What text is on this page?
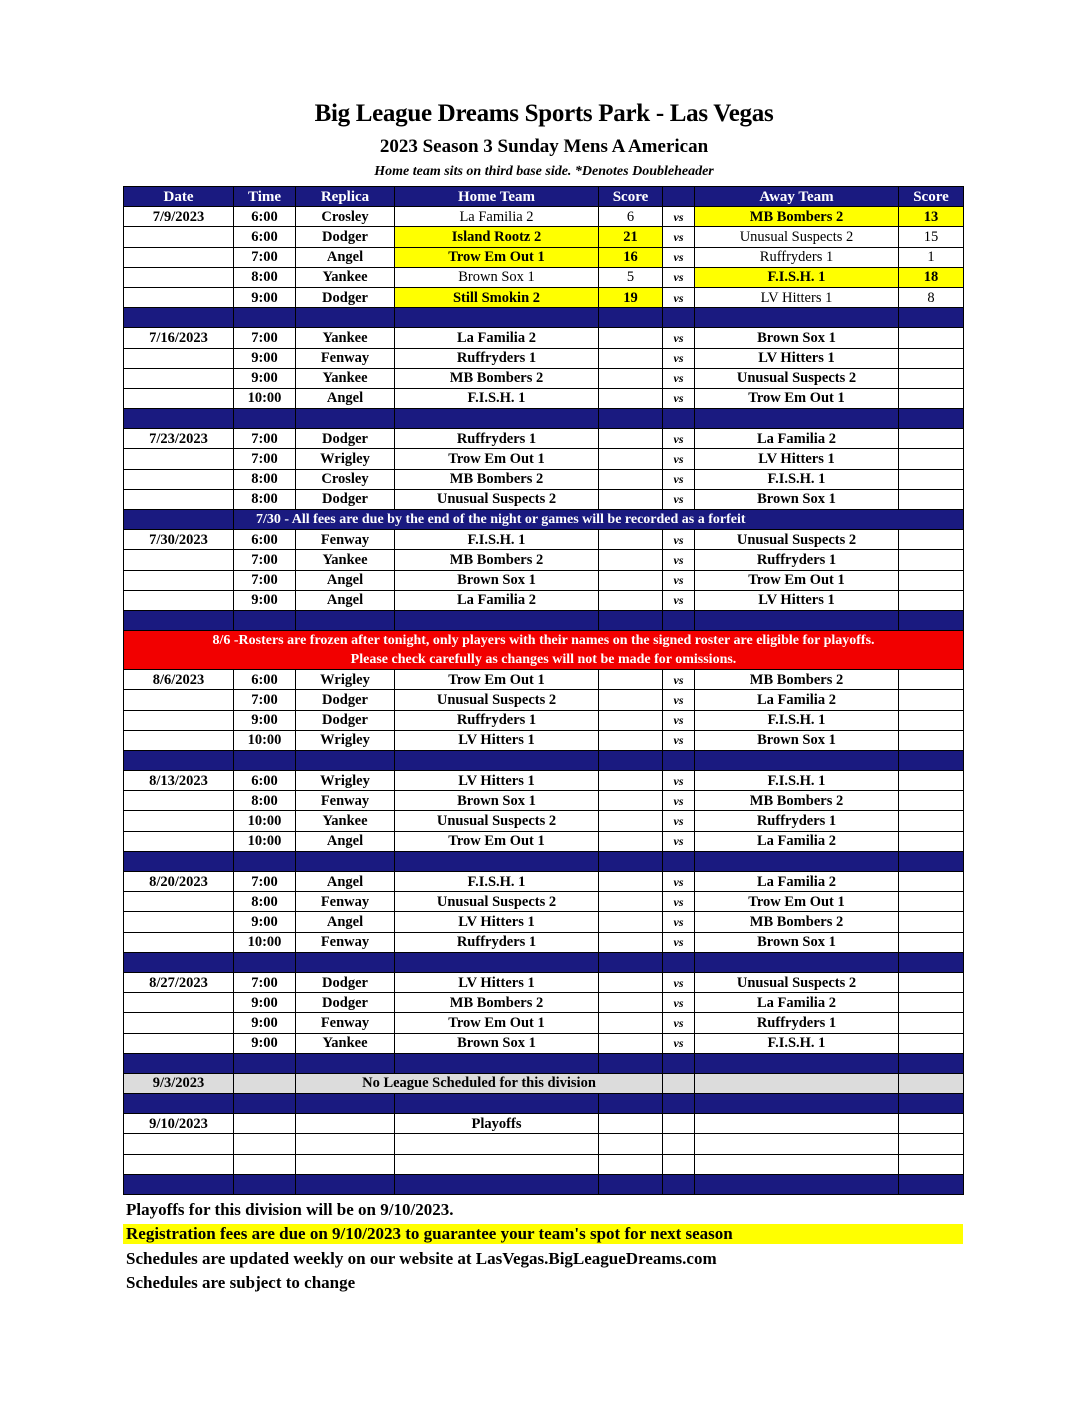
Big League Dreams Sports Park - Las Vegas
2023 Season 3 Sunday Mens A American
Home team sits on third base side. *Denotes Doubleheader
Date	Time	Replica	Home Team	Score		Away Team	Score
7/9/2023	6:00	Crosley	La Familia 2	6	vs	MB Bombers 2	13
	6:00	Dodger	Island Rootz 2	21	vs	Unusual Suspects 2	15
	7:00	Angel	Trow Em Out 1	16	vs	Ruffryders 1	1
	8:00	Yankee	Brown Sox 1	5	vs	F.I.S.H. 1	18
	9:00	Dodger	Still Smokin 2	19	vs	LV Hitters 1	8

7/16/2023	7:00	Yankee	La Familia 2		vs	Brown Sox 1	
	9:00	Fenway	Ruffryders 1		vs	LV Hitters 1	
	9:00	Yankee	MB Bombers 2		vs	Unusual Suspects 2	
	10:00	Angel	F.I.S.H. 1		vs	Trow Em Out 1	

7/23/2023	7:00	Dodger	Ruffryders 1		vs	La Familia 2	
	7:00	Wrigley	Trow Em Out 1		vs	LV Hitters 1	
	8:00	Crosley	MB Bombers 2		vs	F.I.S.H. 1	
	8:00	Dodger	Unusual Suspects 2		vs	Brown Sox 1	
	7/30 - All fees are due by the end of the night or games will be recorded as a forfeit						
7/30/2023	6:00	Fenway	F.I.S.H. 1		vs	Unusual Suspects 2	
	7:00	Yankee	MB Bombers 2		vs	Ruffryders 1	
	7:00	Angel	Brown Sox 1		vs	Trow Em Out 1	
	9:00	Angel	La Familia 2		vs	LV Hitters 1	

8/6 -Rosters are frozen after tonight, only players with their names on the signed roster are eligible for playoffs.
Please check carefully as changes will not be made for omissions.							

8/6/2023	6:00	Wrigley	Trow Em Out 1		vs	MB Bombers 2	
	7:00	Dodger	Unusual Suspects 2		vs	La Familia 2	
	9:00	Dodger	Ruffryders 1		vs	F.I.S.H. 1	
	10:00	Wrigley	LV Hitters 1		vs	Brown Sox 1	

8/13/2023	6:00	Wrigley	LV Hitters 1		vs	F.I.S.H. 1	
	8:00	Fenway	Brown Sox 1		vs	MB Bombers 2	
	10:00	Yankee	Unusual Suspects 2		vs	Ruffryders 1	
	10:00	Angel	Trow Em Out 1		vs	La Familia 2	

8/20/2023	7:00	Angel	F.I.S.H. 1		vs	La Familia 2	
	8:00	Fenway	Unusual Suspects 2		vs	Trow Em Out 1	
	9:00	Angel	LV Hitters 1		vs	MB Bombers 2	
	10:00	Fenway	Ruffryders 1		vs	Brown Sox 1	

8/27/2023	7:00	Dodger	LV Hitters 1		vs	Unusual Suspects 2	
	9:00	Dodger	MB Bombers 2		vs	La Familia 2	
	9:00	Fenway	Trow Em Out 1		vs	Ruffryders 1	
	9:00	Yankee	Brown Sox 1		vs	F.I.S.H. 1	

9/3/2023		No League Scheduled for this division					

9/10/2023			Playoffs				

Playoffs for this division will be on 9/10/2023.
Registration fees are due on 9/10/2023 to guarantee your team's spot for next season
Schedules are updated weekly on our website at LasVegas.BigLeagueDreams.com
Schedules are subject to change
